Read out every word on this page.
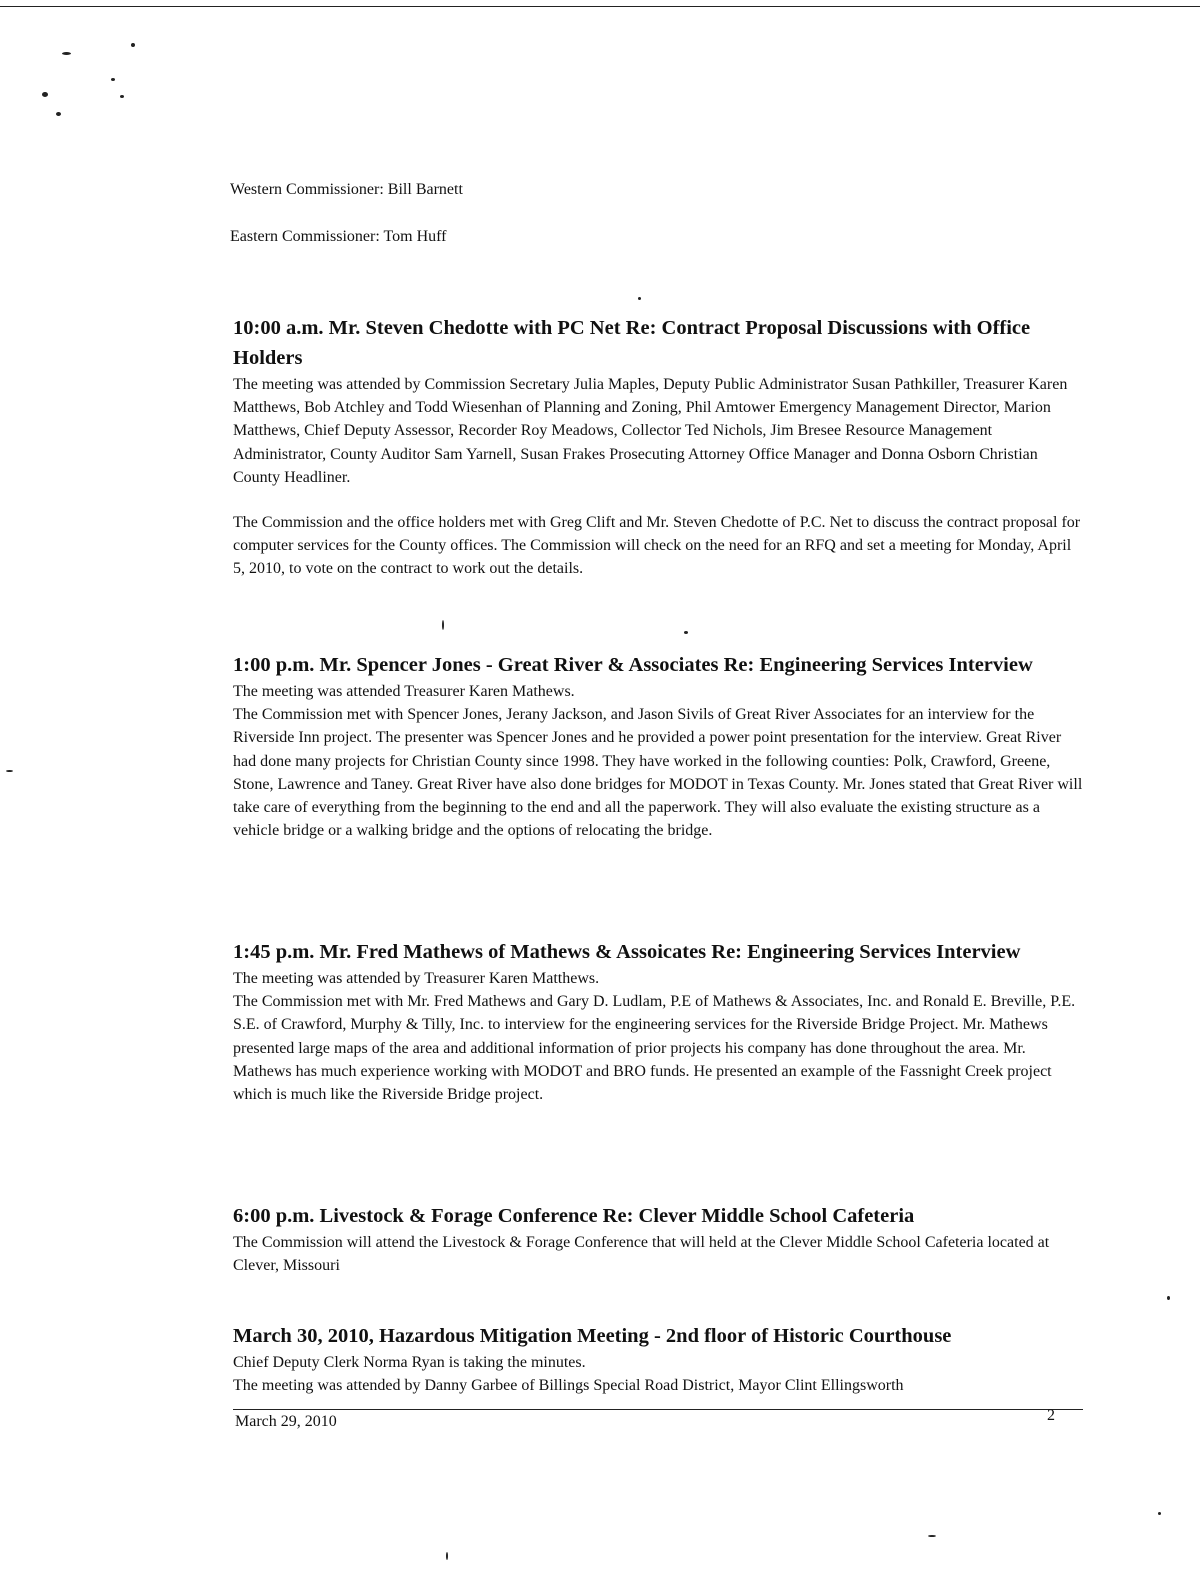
Western Commissioner: Bill Barnett
Eastern Commissioner: Tom Huff
10:00 a.m. Mr. Steven Chedotte with PC Net Re: Contract Proposal Discussions with Office Holders

The meeting was attended by Commission Secretary Julia Maples, Deputy Public Administrator Susan Pathkiller, Treasurer Karen Matthews, Bob Atchley and Todd Wiesenhan of Planning and Zoning, Phil Amtower Emergency Management Director, Marion Matthews, Chief Deputy Assessor, Recorder Roy Meadows, Collector Ted Nichols, Jim Bresee Resource Management Administrator, County Auditor Sam Yarnell, Susan Frakes Prosecuting Attorney Office Manager and Donna Osborn Christian County Headliner.

The Commission and the office holders met with Greg Clift and Mr. Steven Chedotte of P.C. Net to discuss the contract proposal for computer services for the County offices. The Commission will check on the need for an RFQ and set a meeting for Monday, April 5, 2010, to vote on the contract to work out the details.

1:00 p.m. Mr. Spencer Jones - Great River & Associates Re: Engineering Services Interview

The meeting was attended Treasurer Karen Mathews.

The Commission met with Spencer Jones, Jerany Jackson, and Jason Sivils of Great River Associates for an interview for the Riverside Inn project. The presenter was Spencer Jones and he provided a power point presentation for the interview. Great River had done many projects for Christian County since 1998. They have worked in the following counties: Polk, Crawford, Greene, Stone, Lawrence and Taney. Great River have also done bridges for MODOT in Texas County. Mr. Jones stated that Great River will take care of everything from the beginning to the end and all the paperwork. They will also evaluate the existing structure as a vehicle bridge or a walking bridge and the options of relocating the bridge.

1:45 p.m. Mr. Fred Mathews of Mathews & Assoicates Re: Engineering Services Interview

The meeting was attended by Treasurer Karen Matthews.

The Commission met with Mr. Fred Mathews and Gary D. Ludlam, P.E of Mathews & Associates, Inc. and Ronald E. Breville, P.E. S.E. of Crawford, Murphy & Tilly, Inc. to interview for the engineering services for the Riverside Bridge Project. Mr. Mathews presented large maps of the area and additional information of prior projects his company has done throughout the area. Mr. Mathews has much experience working with MODOT and BRO funds. He presented an example of the Fassnight Creek project which is much like the Riverside Bridge project.

6:00 p.m. Livestock & Forage Conference Re: Clever Middle School Cafeteria

The Commission will attend the Livestock & Forage Conference that will held at the Clever Middle School Cafeteria located at Clever, Missouri

March 30, 2010, Hazardous Mitigation Meeting - 2nd floor of Historic Courthouse

Chief Deputy Clerk Norma Ryan is taking the minutes.

The meeting was attended by Danny Garbee of Billings Special Road District, Mayor Clint Ellingsworth

March 29, 2010	2
